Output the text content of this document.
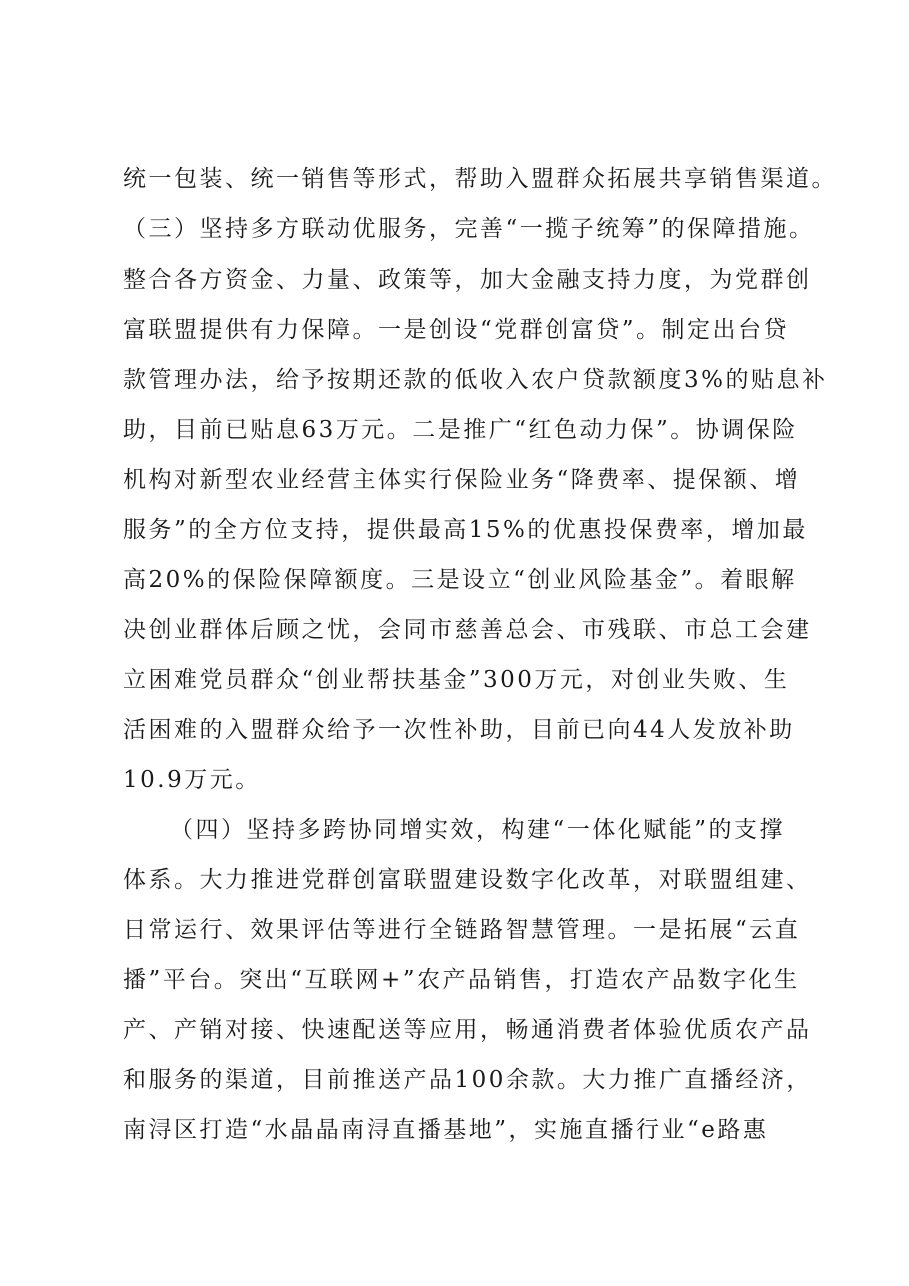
统一包装、统一销售等形式，帮助入盟群众拓展共享销售渠道。
（三）坚持多方联动优服务，完善“一揽子统筹”的保障措施。
整合各方资金、力量、政策等，加大金融支持力度，为党群创
富联盟提供有力保障。一是创设“党群创富贷”。制定出台贷
款管理办法，给予按期还款的低收入农户贷款额度3%的贴息补
助，目前已贴息63万元。二是推广“红色动力保”。协调保险
机构对新型农业经营主体实行保险业务“降费率、提保额、增
服务”的全方位支持，提供最高15%的优惠投保费率，增加最
高20%的保险保障额度。三是设立“创业风险基金”。着眼解
决创业群体后顾之忧，会同市慈善总会、市残联、市总工会建
立困难党员群众“创业帮扶基金”300万元，对创业失败、生
活困难的入盟群众给予一次性补助，目前已向44人发放补助
10.9万元。
（四）坚持多跨协同增实效，构建“一体化赋能”的支撑
体系。大力推进党群创富联盟建设数字化改革，对联盟组建、
日常运行、效果评估等进行全链路智慧管理。一是拓展“云直
播”平台。突出“互联网+”农产品销售，打造农产品数字化生
产、产销对接、快速配送等应用，畅通消费者体验优质农产品
和服务的渠道，目前推送产品100余款。大力推广直播经济，
南浔区打造“水晶晶南浔直播基地”，实施直播行业“e路惠
